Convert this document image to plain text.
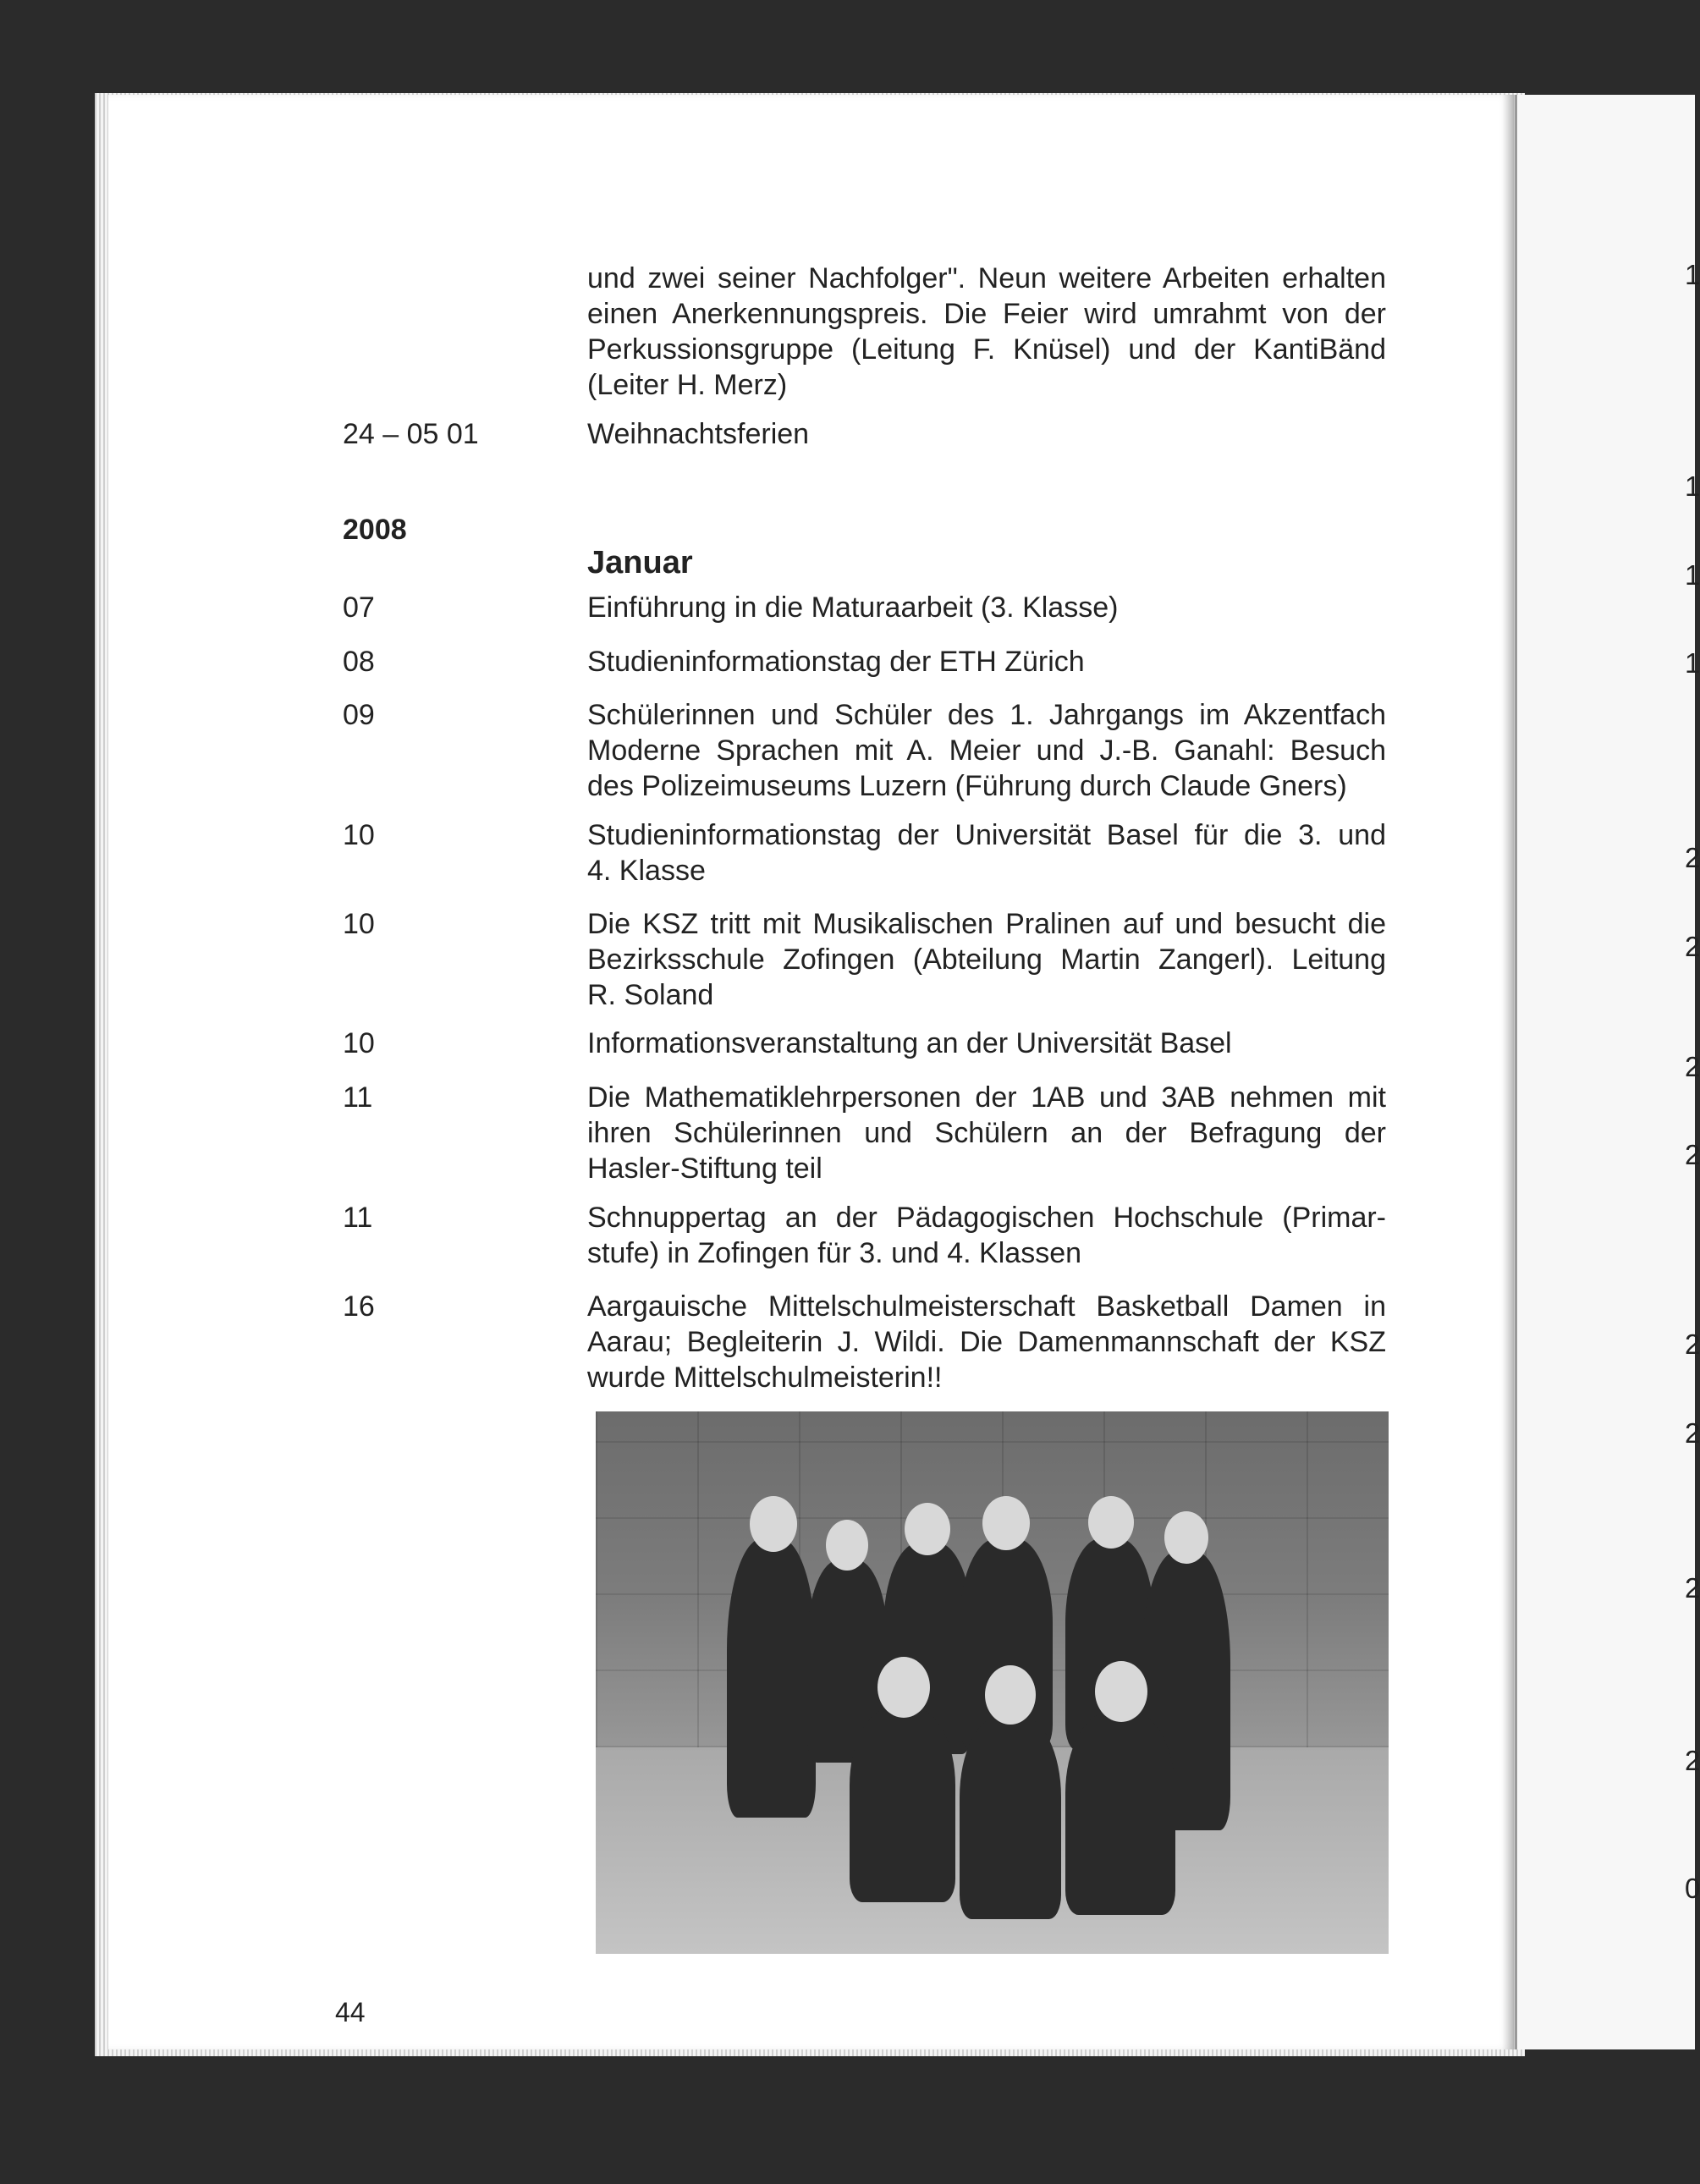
1
1
1
1
2
2
2
2
2
2
2
2
0
und zwei seiner Nachfolger". Neun weitere Arbeiten erhalten
einen Anerkennungspreis. Die Feier wird umrahmt von der
Perkussionsgruppe (Leitung F. Knüsel) und der KantiBänd
(Leiter H. Merz)
24 – 05 01	Weihnachtsferien
2008
Januar
07	Einführung in die Maturaarbeit (3. Klasse)
08	Studieninformationstag der ETH Zürich
09	Schülerinnen und Schüler des 1. Jahrgangs im Akzentfach
Moderne Sprachen mit A. Meier und J.-B. Ganahl: Besuch
des Polizeimuseums Luzern (Führung durch Claude Gners)
10	Studieninformationstag der Universität Basel für die 3. und
4. Klasse
10	Die KSZ tritt mit Musikalischen Pralinen auf und besucht die
Bezirksschule Zofingen (Abteilung Martin Zangerl). Leitung
R. Soland
10	Informationsveranstaltung an der Universität Basel
11	Die Mathematiklehrpersonen der 1AB und 3AB nehmen mit
ihren Schülerinnen und Schülern an der Befragung der
Hasler-Stiftung teil
11	Schnuppertag an der Pädagogischen Hochschule (Primar-
stufe) in Zofingen für 3. und 4. Klassen
16	Aargauische Mittelschulmeisterschaft Basketball Damen in
Aarau; Begleiterin J. Wildi. Die Damenmannschaft der KSZ
wurde Mittelschulmeisterin!!
44
